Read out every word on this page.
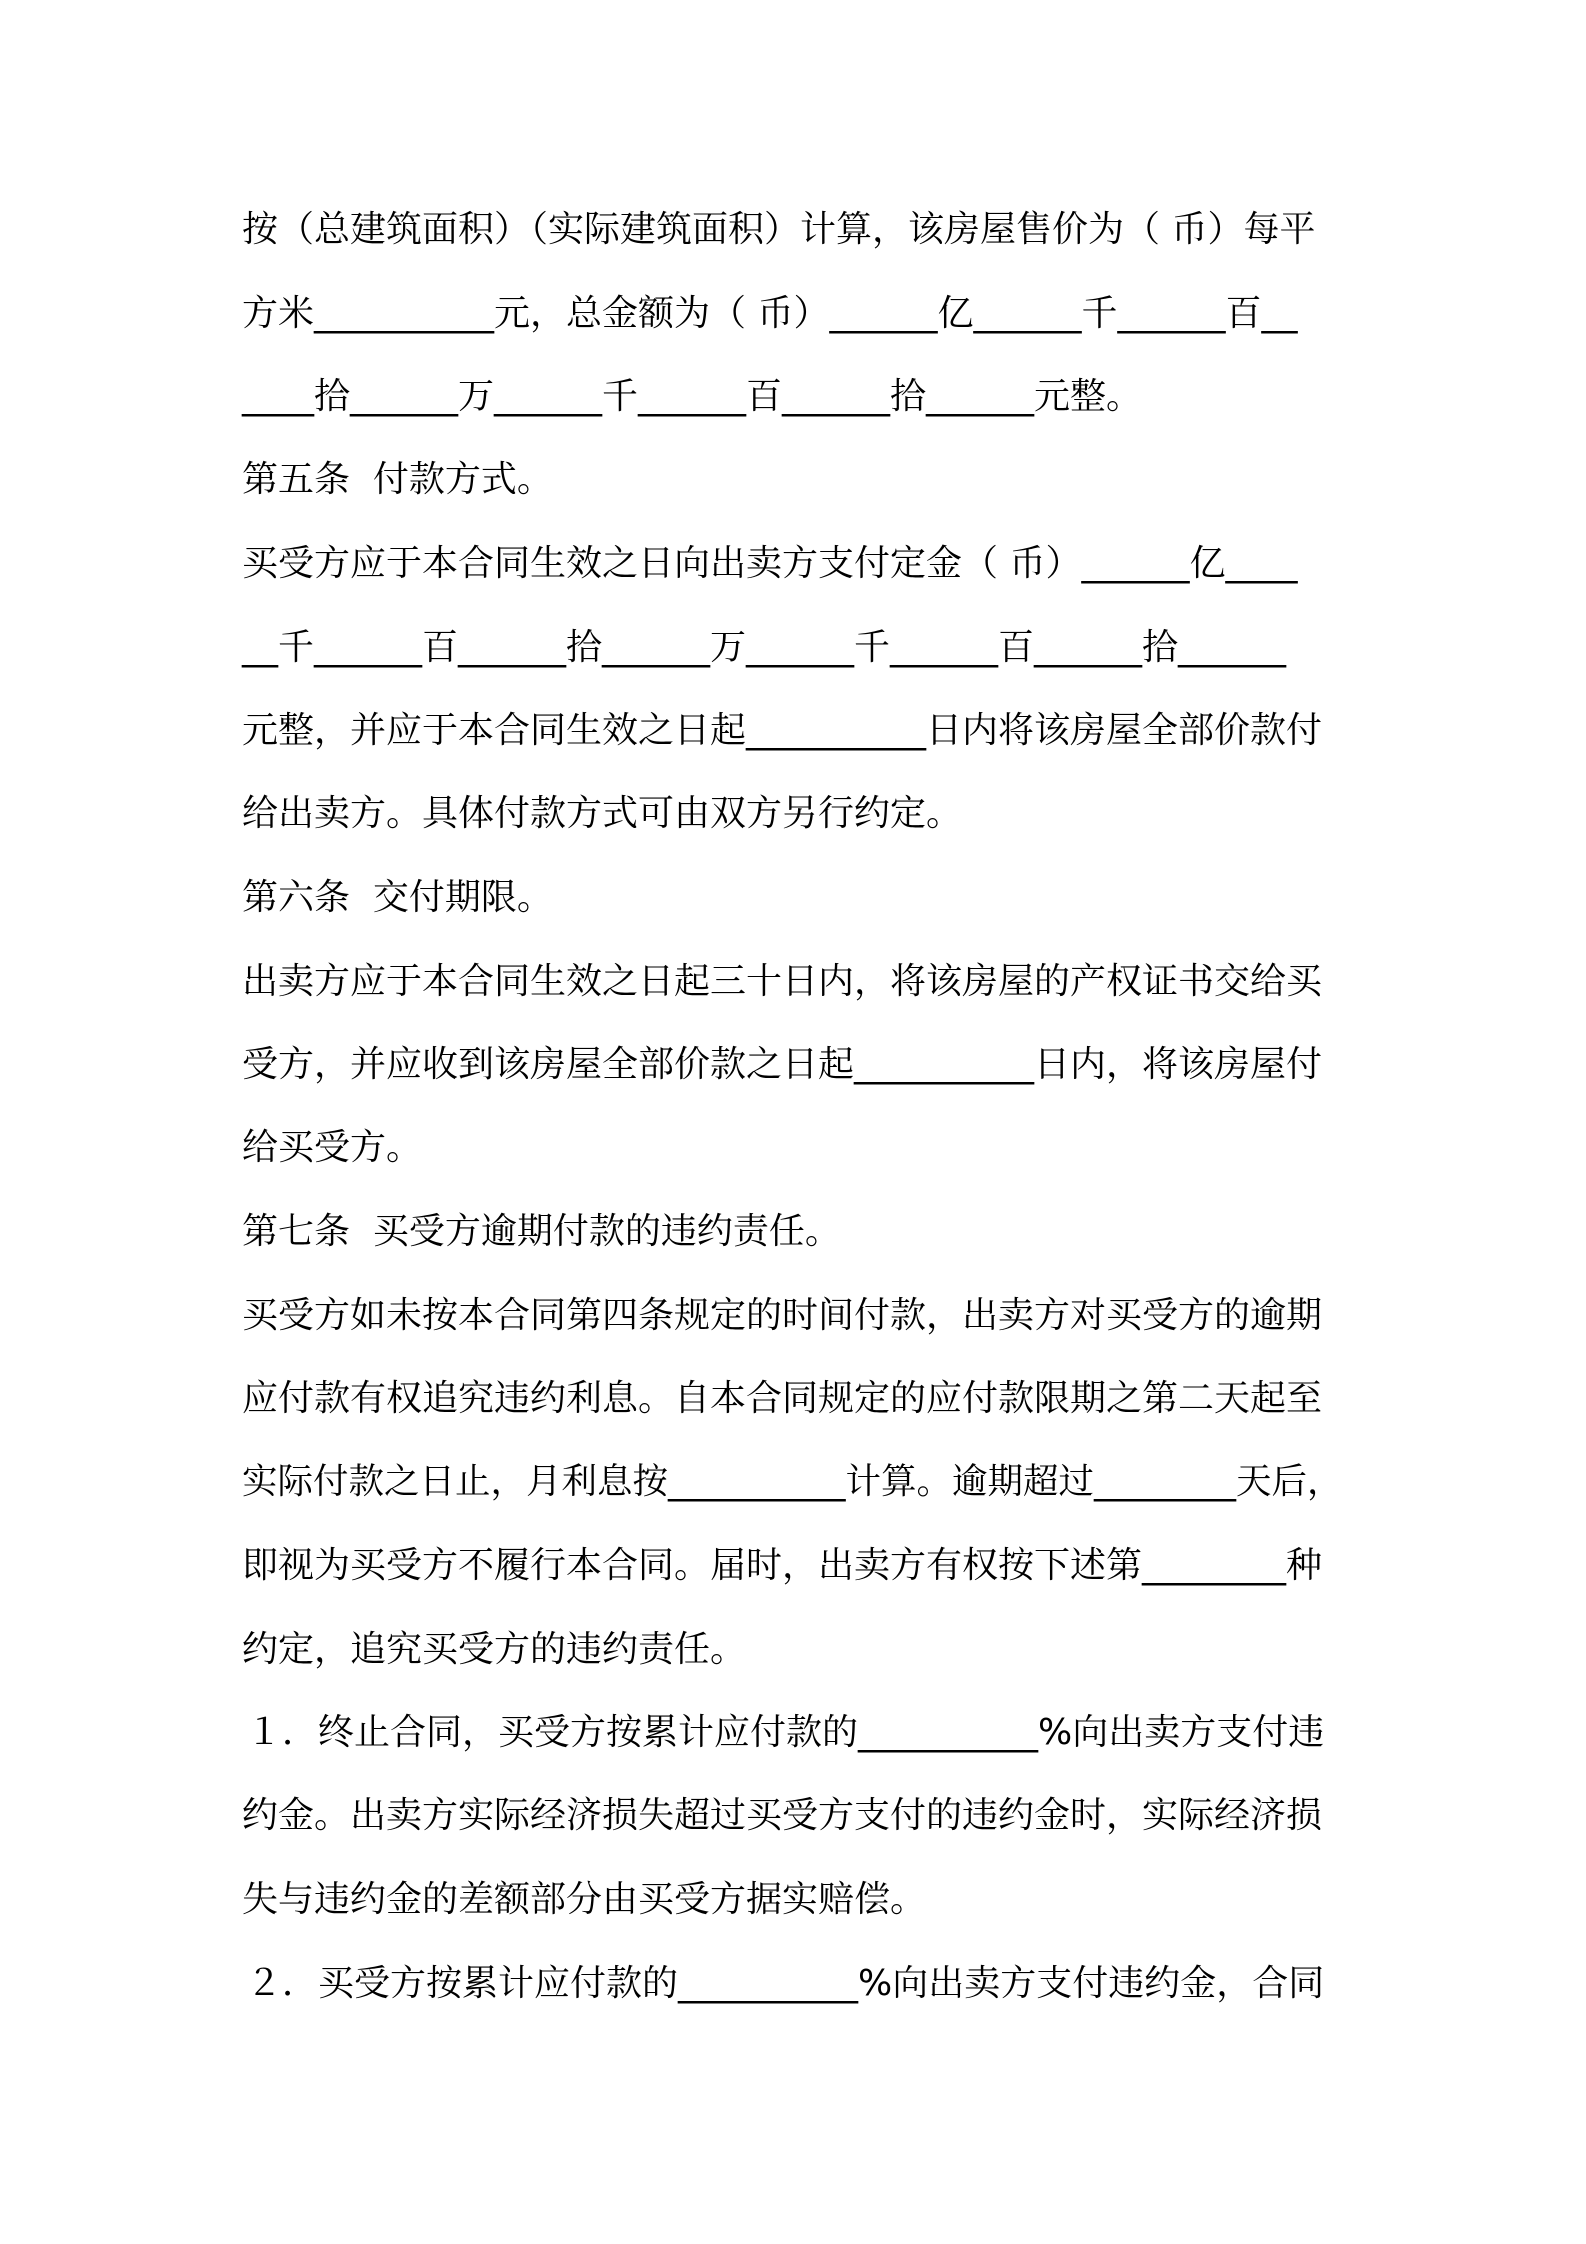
按（总建筑面积）（实际建筑面积）计算，该房屋售价为（ 币）每平
方米__________元，总金额为（ 币）______亿______千______百__
____拾______万______千______百______拾______元整。
第五条  付款方式。
买受方应于本合同生效之日向出卖方支付定金（ 币）______亿____
__千______百______拾______万______千______百______拾______
元整，并应于本合同生效之日起__________日内将该房屋全部价款付
给出卖方。具体付款方式可由双方另行约定。
第六条  交付期限。
出卖方应于本合同生效之日起三十日内，将该房屋的产权证书交给买
受方，并应收到该房屋全部价款之日起__________日内，将该房屋付
给买受方。
第七条  买受方逾期付款的违约责任。
买受方如未按本合同第四条规定的时间付款，出卖方对买受方的逾期
应付款有权追究违约利息。自本合同规定的应付款限期之第二天起至
实际付款之日止，月利息按__________计算。逾期超过________天后，
即视为买受方不履行本合同。届时，出卖方有权按下述第________种
约定，追究买受方的违约责任。
１．终止合同，买受方按累计应付款的__________%向出卖方支付违
约金。出卖方实际经济损失超过买受方支付的违约金时，实际经济损
失与违约金的差额部分由买受方据实赔偿。
２．买受方按累计应付款的__________%向出卖方支付违约金，合同
